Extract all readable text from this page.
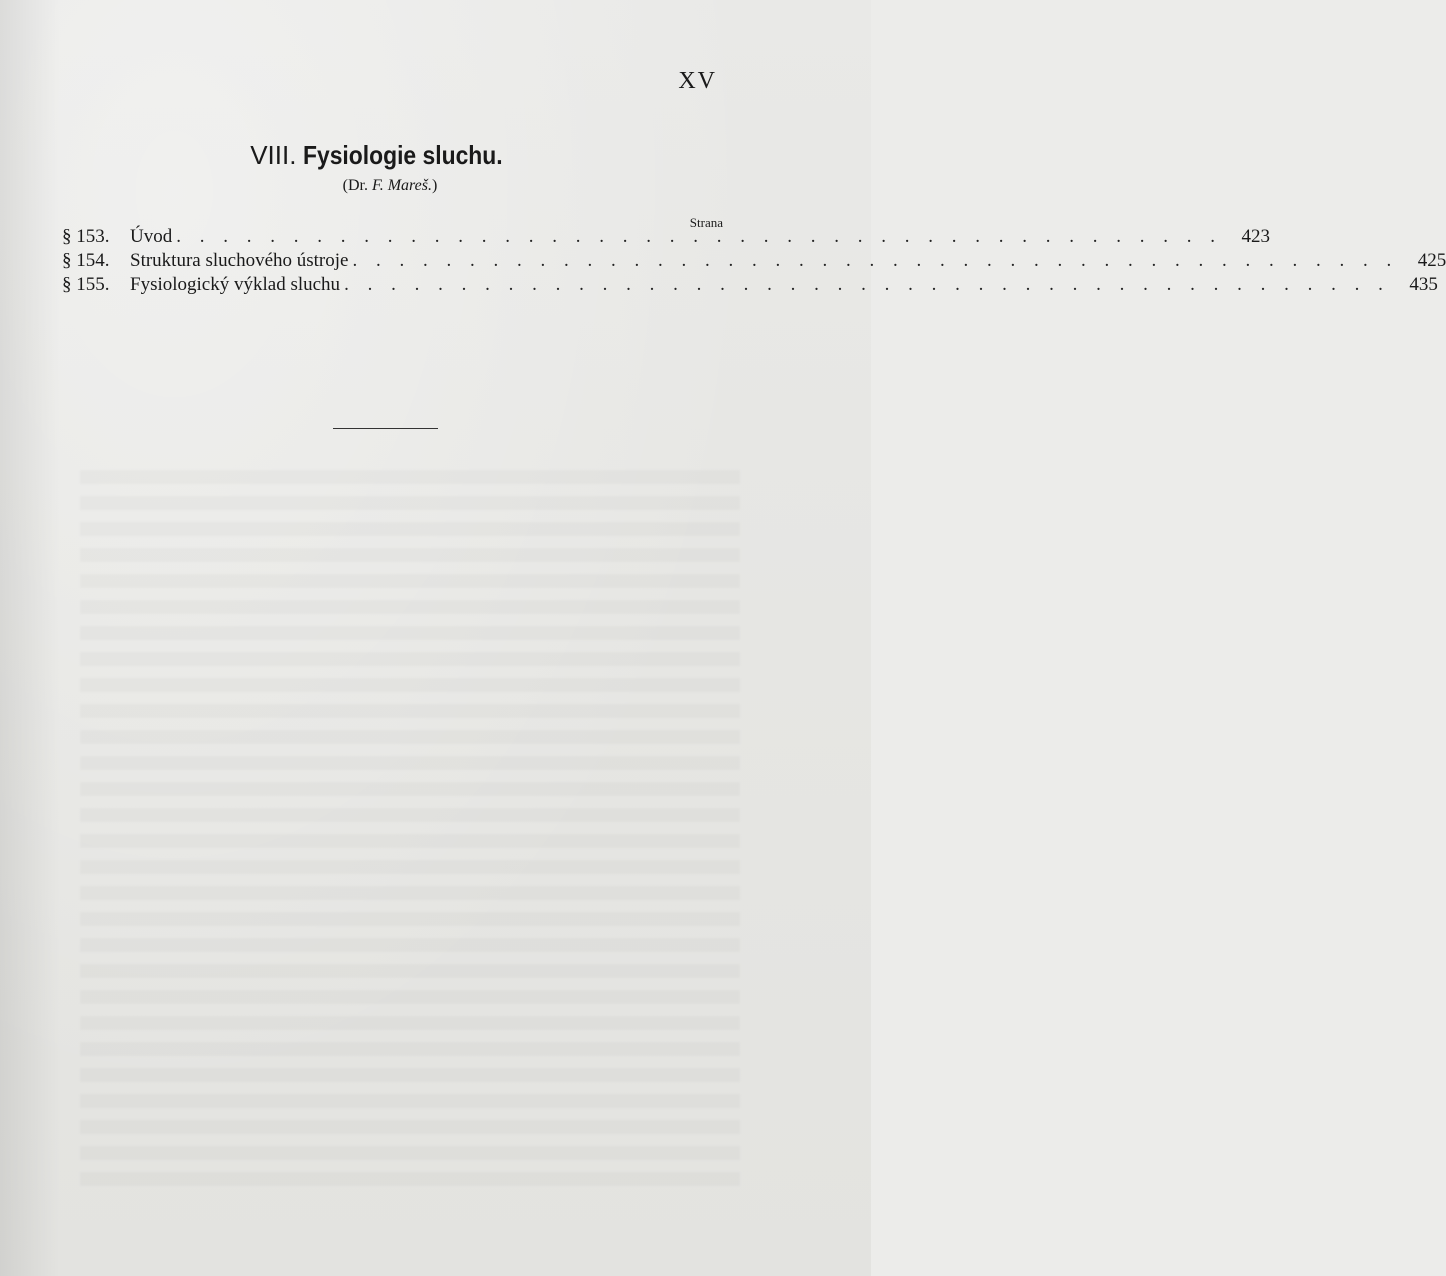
XV
VIII. Fysiologie sluchu.
(Dr. F. Mareš.)
Strana
§ 153.	Úvod . . . . . . . . . . . . . . . . . . . . . . . . . . . . . . . . . . . . . . . . . . . . .	423
§ 154.	Struktura sluchového ústroje . . . . . . . . . . . . . . . . . . . . . . . . . . . . . . . . . . . . . . . . . . . . .	425
§ 155.	Fysiologický výklad sluchu . . . . . . . . . . . . . . . . . . . . . . . . . . . . . . . . . . . . . . . . . . . . .	435
